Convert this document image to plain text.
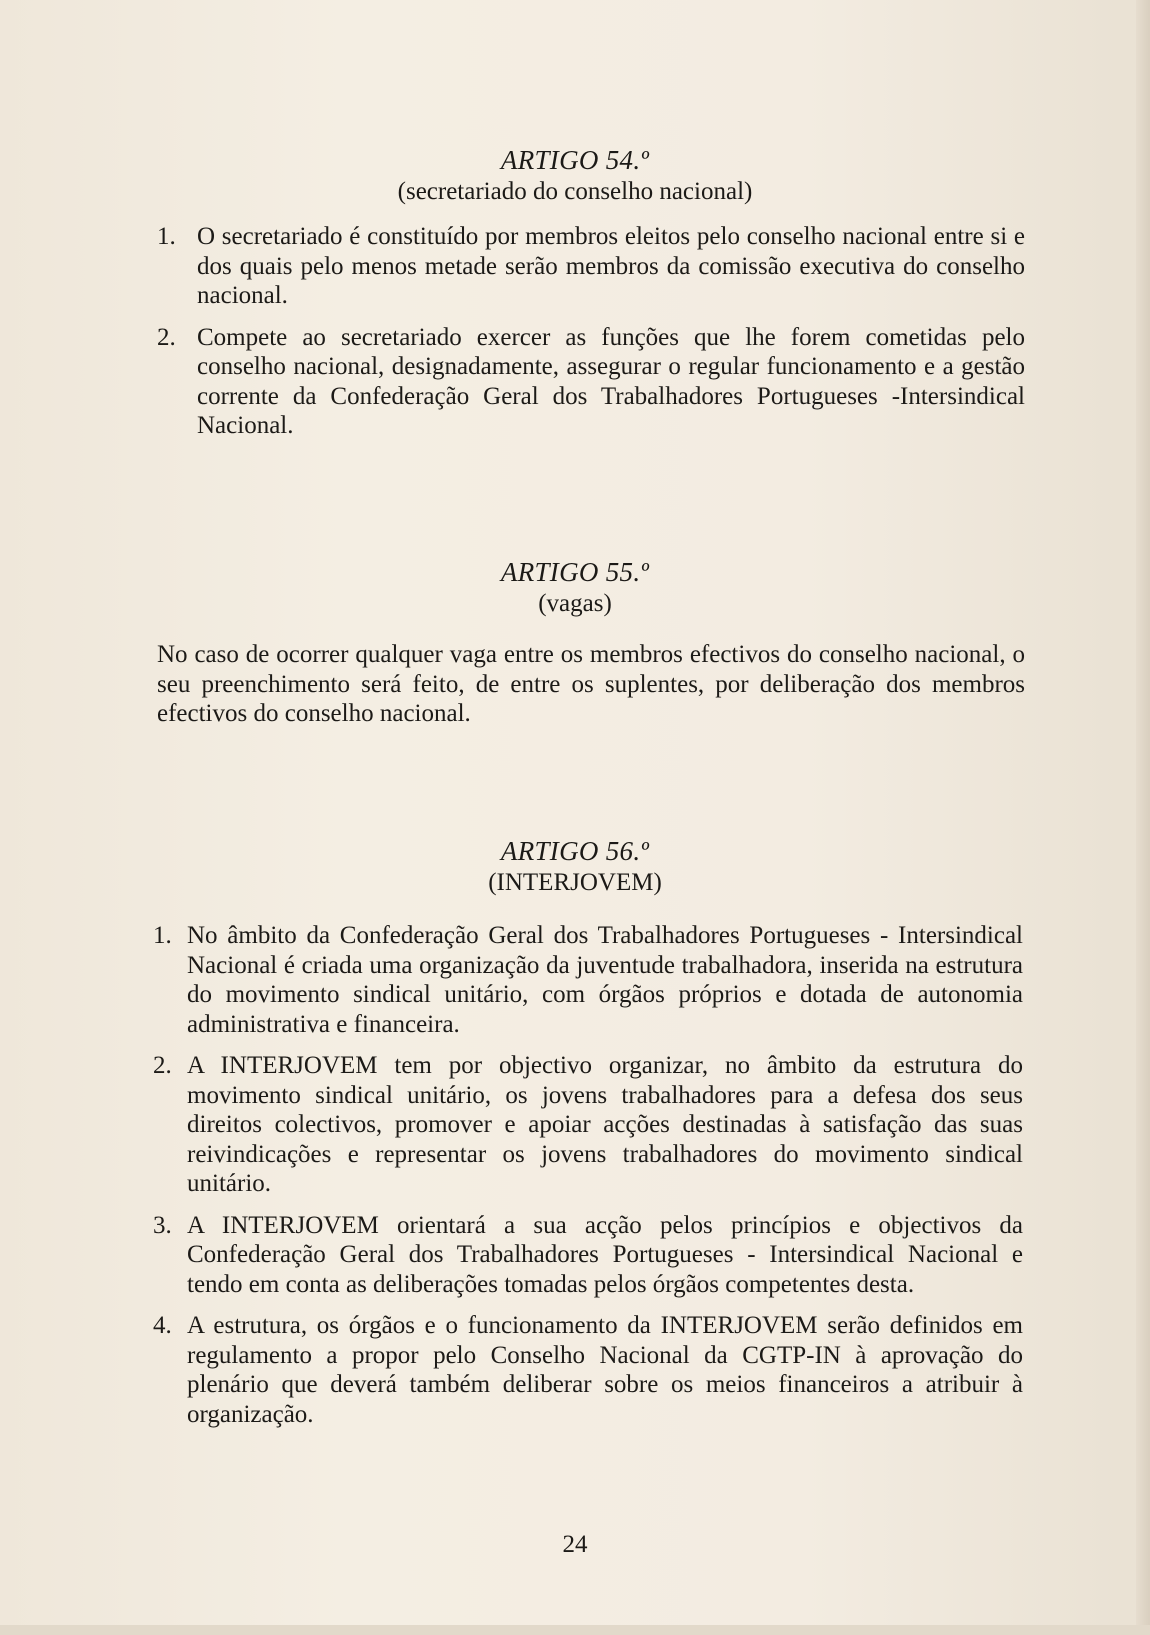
ARTIGO 54.º

(secretariado do conselho nacional)

1. O secretariado é constituído por membros eleitos pelo conselho nacional entre si e dos quais pelo menos metade serão membros da comissão executiva do conselho nacional.
2. Compete ao secretariado exercer as funções que lhe forem cometidas pelo conselho nacional, designadamente, assegurar o regular funcionamento e a gestão corrente da Confederação Geral dos Trabalhadores Portugueses -Intersindical Nacional.

ARTIGO 55.º

(vagas)

No caso de ocorrer qualquer vaga entre os membros efectivos do conselho nacional, o seu preenchimento será feito, de entre os suplentes, por deliberação dos membros efectivos do conselho nacional.

ARTIGO 56.º

(INTERJOVEM)

1. No âmbito da Confederação Geral dos Trabalhadores Portugueses - Intersindical Nacional é criada uma organização da juventude trabalhadora, inserida na estrutura do movimento sindical unitário, com órgãos próprios e dotada de autonomia administrativa e financeira.
2. A INTERJOVEM tem por objectivo organizar, no âmbito da estrutura do movimento sindical unitário, os jovens trabalhadores para a defesa dos seus direitos colectivos, promover e apoiar acções destinadas à satisfação das suas reivindicações e representar os jovens trabalhadores do movimento sindical unitário.
3. A INTERJOVEM orientará a sua acção pelos princípios e objectivos da Confederação Geral dos Trabalhadores Portugueses - Intersindical Nacional e tendo em conta as deliberações tomadas pelos órgãos competentes desta.
4. A estrutura, os órgãos e o funcionamento da INTERJOVEM serão definidos em regulamento a propor pelo Conselho Nacional da CGTP-IN à aprovação do plenário que deverá também deliberar sobre os meios financeiros a atribuir à organização.
24
